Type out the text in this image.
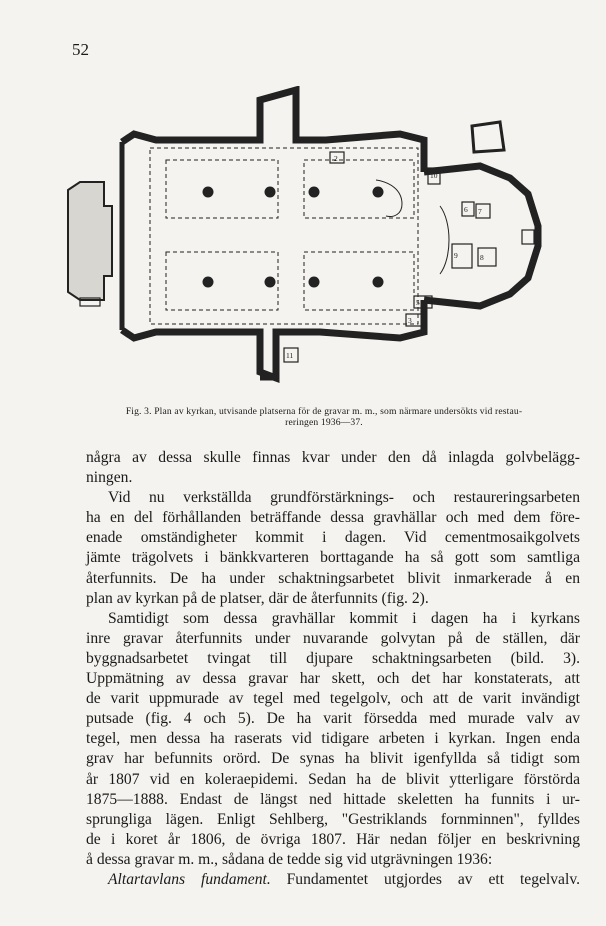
52
2
10
6 7
8
9
5
3
11
Fig. 3. Plan av kyrkan, utvisande platserna för de gravar m. m., som närmare undersökts vid restau-
reringen 1936—37.
några av dessa skulle finnas kvar under den då inlagda golvbelägg-
ningen.
Vid nu verkställda grundförstärknings- och restaureringsarbeten
ha en del förhållanden beträffande dessa gravhällar och med dem före-
enade omständigheter kommit i dagen. Vid cementmosaikgolvets
jämte trägolvets i bänkkvarteren borttagande ha så gott som samtliga
återfunnits. De ha under schaktningsarbetet blivit inmarkerade å en
plan av kyrkan på de platser, där de återfunnits (fig. 2).
Samtidigt som dessa gravhällar kommit i dagen ha i kyrkans
inre gravar återfunnits under nuvarande golvytan på de ställen, där
byggnadsarbetet tvingat till djupare schaktningsarbeten (bild. 3).
Uppmätning av dessa gravar har skett, och det har konstaterats, att
de varit uppmurade av tegel med tegelgolv, och att de varit invändigt
putsade (fig. 4 och 5). De ha varit försedda med murade valv av
tegel, men dessa ha raserats vid tidigare arbeten i kyrkan. Ingen enda
grav har befunnits orörd. De synas ha blivit igenfyllda så tidigt som
år 1807 vid en koleraepidemi. Sedan ha de blivit ytterligare förstörda
1875—1888. Endast de längst ned hittade skeletten ha funnits i ur-
sprungliga lägen. Enligt Sehlberg, "Gestriklands fornminnen", fylldes
de i koret år 1806, de övriga 1807. Här nedan följer en beskrivning
å dessa gravar m. m., sådana de tedde sig vid utgrävningen 1936:
Altartavlans fundament. Fundamentet utgjordes av ett tegelvalv.
